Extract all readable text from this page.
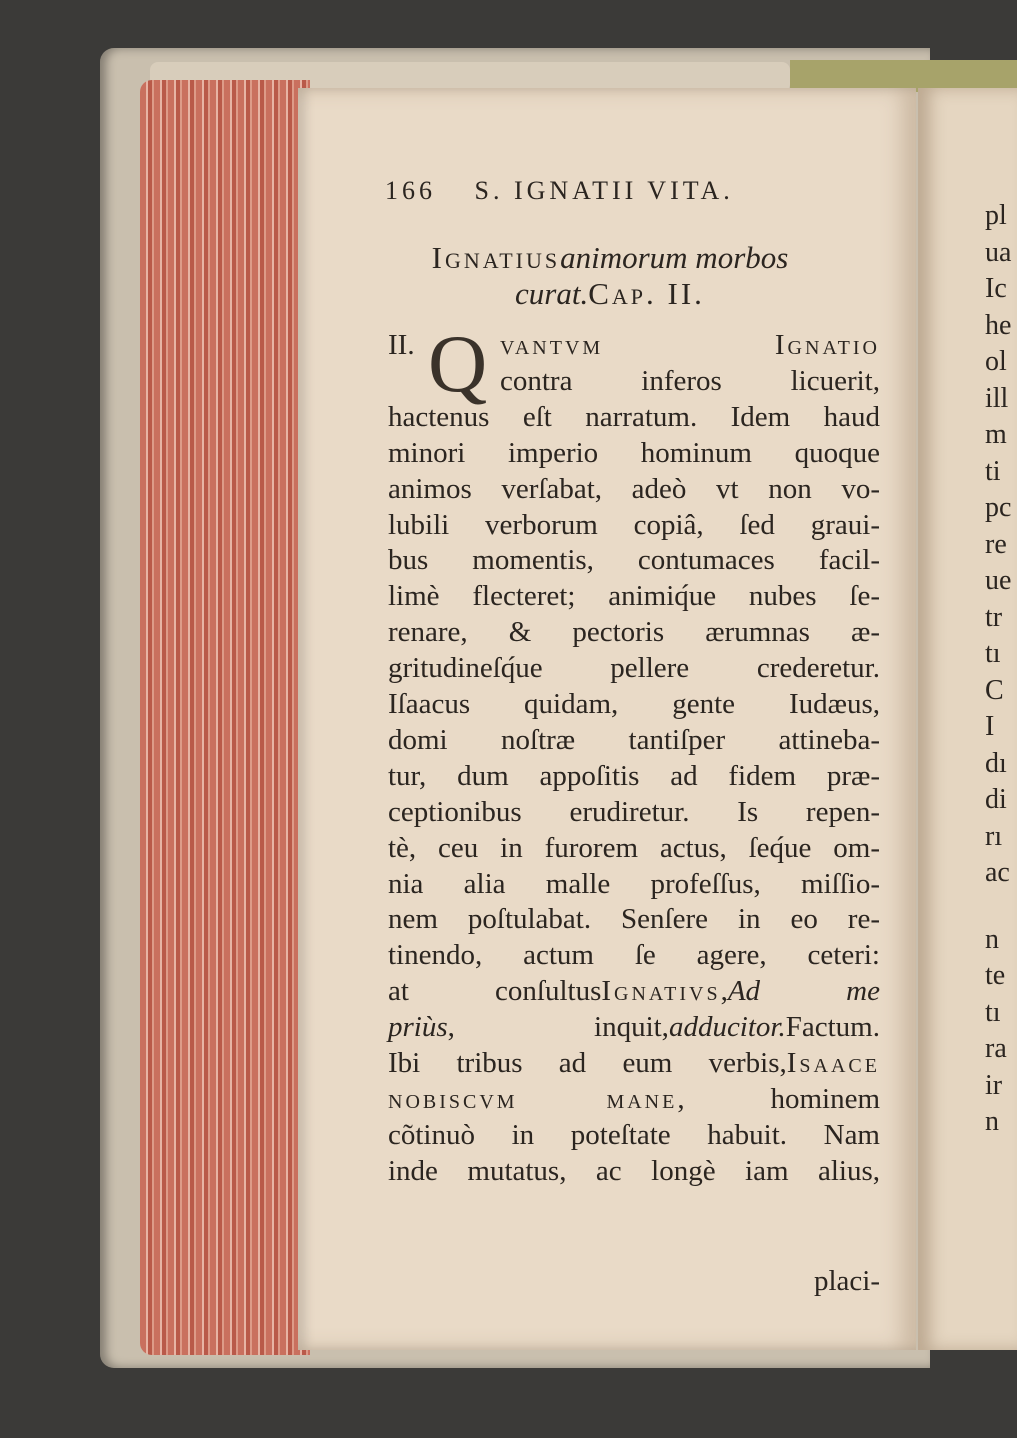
166 S. IGNATII VITA.
Ignatiusanimorum morbos
curat.Cap. II.
Q
II.	vantvm Ignatio
contra inferos licuerit,
hactenus eſt narratum. Idem haud
minori imperio hominum quoque
animos verſabat, adeò vt non vo-
lubili verborum copiâ, ſed graui-
bus momentis, contumaces facil-
limè flecteret; animiq́ue nubes ſe-
renare, & pectoris ærumnas æ-
gritudineſq́ue pellere crederetur.
Iſaacus quidam, gente Iudæus,
domi noſtræ tantiſper attineba-
tur, dum appoſitis ad fidem præ-
ceptionibus erudiretur. Is repen-
tè, ceu in furorem actus, ſeq́ue om-
nia alia malle profeſſus, miſſio-
nem poſtulabat. Senſere in eo re-
tinendo, actum ſe agere, ceteri:
at conſultusIgnativs,Ad me
priùs, inquit,adducitor.Factum.
Ibi tribus ad eum verbis,Isaace
nobiscvm mane, hominem
cõtinuò in poteſtate habuit. Nam
inde mutatus, ac longè iam alius,
placi-
pl
ua
Ic
he
ol
ill
m
ti
pc
re
ue
tr
tı
C
I
dı
di
rı
ac
n
te
tı
ra
ir
n
